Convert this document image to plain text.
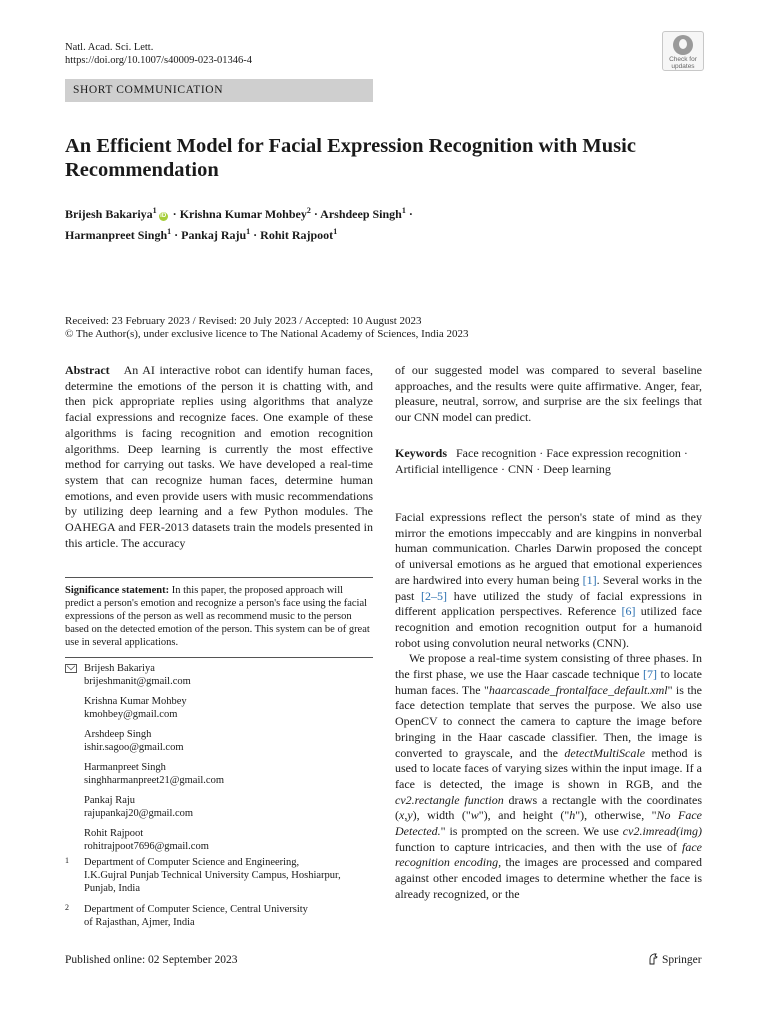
Natl. Acad. Sci. Lett.
https://doi.org/10.1007/s40009-023-01346-4	Check for updates
SHORT COMMUNICATION
An Efficient Model for Facial Expression Recognition with Music Recommendation
Brijesh Bakariya$^1$iD · Krishna Kumar Mohbey$^2$ · Arshdeep Singh$^1$ ·
Harmanpreet Singh$^1$ · Pankaj Raju$^1$ · Rohit Rajpoot$^1$
Received: 23 February 2023 / Revised: 20 July 2023 / Accepted: 10 August 2023
© The Author(s), under exclusive licence to The National Academy of Sciences, India 2023
Abstract An AI interactive robot can identify human faces, determine the emotions of the person it is chatting with, and then pick appropriate replies using algorithms that analyze facial expressions and recognize faces. One example of these algorithms is facing recognition and emotion recognition algorithms. Deep learning is currently the most effective method for carrying out tasks. We have developed a real-time system that can recognize human faces, determine human emotions, and even provide users with music recommendations by utilizing deep learning and a few Python modules. The OAHEGA and FER-2013 datasets train the models presented in this article. The accuracy
of our suggested model was compared to several baseline approaches, and the results were quite affirmative. Anger, fear, pleasure, neutral, sorrow, and surprise are the six feelings that our CNN model can predict.
Keywords Face recognition · Face expression recognition · Artificial intelligence · CNN · Deep learning
Significance statement: In this paper, the proposed approach will predict a person's emotion and recognize a person's face using the facial expressions of the person as well as recommend music to the person based on the detected emotion of the person. This system can be of great use in several applications.
Brijesh Bakariya
brijeshmanit@gmail.com
Krishna Kumar Mohbey
kmohbey@gmail.com
Arshdeep Singh
ishir.sagoo@gmail.com
Harmanpreet Singh
singhharmanpreet21@gmail.com
Pankaj Raju
rajupankaj20@gmail.com
Rohit Rajpoot
rohitrajpoot7696@gmail.com
1 Department of Computer Science and Engineering,
I.K.Gujral Punjab Technical University Campus, Hoshiarpur,
Punjab, India
2 Department of Computer Science, Central University
of Rajasthan, Ajmer, India

Facial expressions reflect the person's state of mind as they mirror the emotions impeccably and are kingpins in nonverbal human communication. Charles Darwin proposed the concept of universal emotions as he argued that emotional experiences are hardwired into every human being [1]. Several works in the past [2–5] have utilized the study of facial expressions in different application perspectives. Reference [6] utilized face recognition and emotion recognition output for a humanoid robot using convolution neural networks (CNN).

We propose a real-time system consisting of three phases. In the first phase, we use the Haar cascade technique [7] to locate human faces. The "haarcascade_frontalface_default.xml" is the face detection template that serves the purpose. We also use OpenCV to connect the camera to capture the image before bringing in the Haar cascade classifier. Then, the image is converted to grayscale, and the detectMultiScale method is used to locate faces of varying sizes within the input image. If a face is detected, the image is shown in RGB, and the cv2.rectangle function draws a rectangle with the coordinates (x,y), width ("w"), and height ("h"), otherwise, "No Face Detected." is prompted on the screen. We use cv2.imread(img) function to capture intricacies, and then with the use of face recognition encoding, the images are processed and compared against other encoded images to determine whether the face is already recognized, or the

Published online: 02 September 2023	Springer
